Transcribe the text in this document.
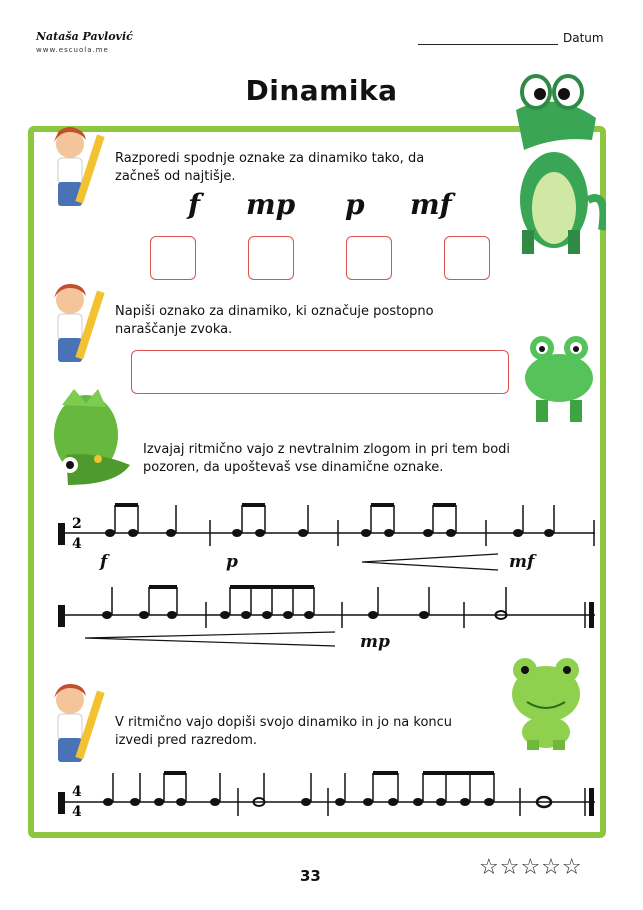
Nataša Pavlović
www.escuola.me
Datum
Dinamika
Razporedi spodnje oznake za dinamiko tako, da
začneš od najtišje.
f mp p mf
Napiši oznako za dinamiko, ki označuje postopno
naraščanje zvoka.
Izvajaj ritmično vajo z nevtralnim zlogom in pri tem bodi
pozoren, da upoštevaš vse dinamične oznake.
2
4
f	p	mf
mp
V ritmično vajo dopiši svojo dinamiko in jo na koncu
izvedi pred razredom.
4
4
33	☆☆☆☆☆
